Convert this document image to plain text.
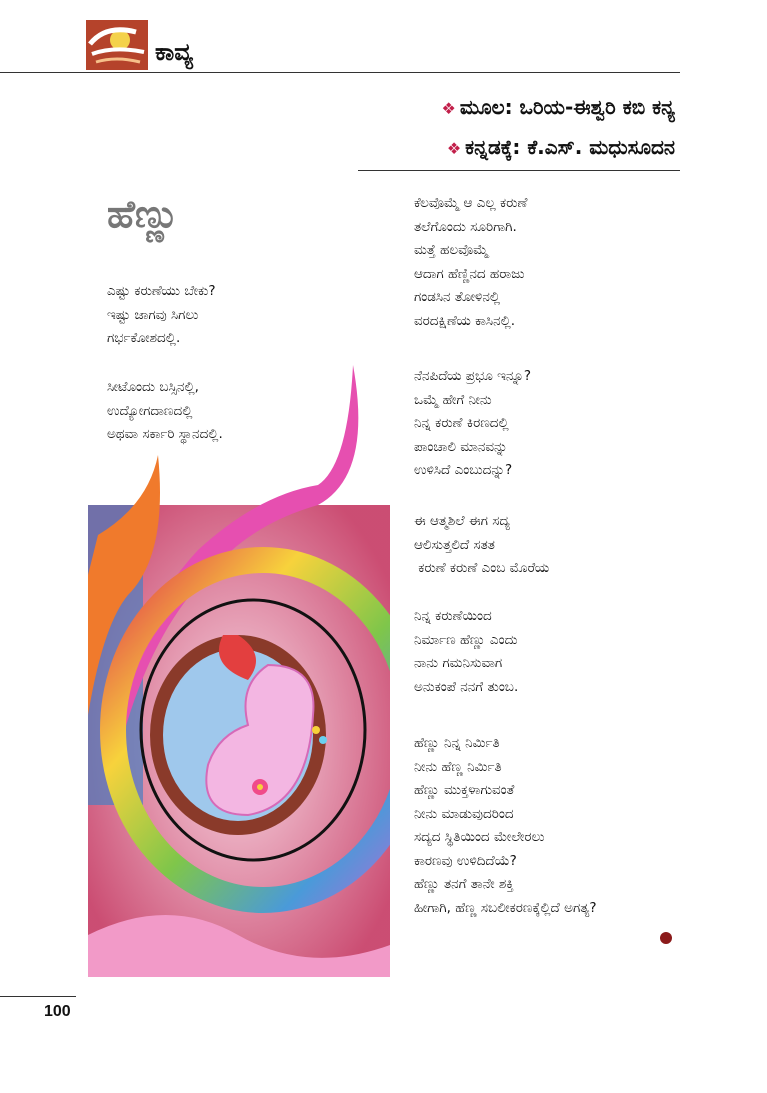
ಕಾವ್ಯ
❖ ಮೂಲ: ಒರಿಯ-ಈಶ್ವರಿ ಕಬಿ ಕನ್ಯ
❖ ಕನ್ನಡಕ್ಕೆ: ಕೆ.ಎಸ್. ಮಧುಸೂದನ
ಹೆಣ್ಣು
ಎಷ್ಟು ಕರುಣೆಯು ಬೇಕು?
ಇಷ್ಟು ಜಾಗವು ಸಿಗಲು
ಗರ್ಭಕೋಶದಲ್ಲಿ.
ಸೀಟೊಂದು ಬಸ್ಸಿನಲ್ಲಿ,
ಉದ್ಯೋಗದಾಣದಲ್ಲಿ
ಅಥವಾ ಸರ್ಕಾರಿ ಸ್ಥಾನದಲ್ಲಿ.
ಕೆಲವೊಮ್ಮೆ ಆ ಎಲ್ಲ ಕರುಣೆ
ತಲೆಗೊಂದು ಸೂರಿಗಾಗಿ.
ಮತ್ತೆ ಹಲವೊಮ್ಮೆ
ಆದಾಗ ಹೆಣ್ಣಿನದ ಹರಾಜು
ಗಂಡಸಿನ ತೋಳಿನಲ್ಲಿ
ವರದಕ್ಷಿಣೆಯ ಕಾಸಿನಲ್ಲಿ.
ನೆನಪಿದೆಯ ಪ್ರಭೂ ಇನ್ನೂ?
ಒಮ್ಮೆ ಹೇಗೆ ನೀನು
ನಿನ್ನ ಕರುಣೆ ಕಿರಣದಲ್ಲಿ
ಪಾಂಚಾಲಿ ಮಾನವನ್ನು
ಉಳಿಸಿದೆ ಎಂಬುದನ್ನು?
ಈ ಆತ್ಮಶಿಲೆ ಈಗ ಸದ್ಯ
ಆಲಿಸುತ್ತಲಿದೆ ಸತತ
ಕರುಣೆ ಕರುಣೆ ಎಂಬ ಮೊರೆಯ
ನಿನ್ನ ಕರುಣೆಯಿಂದ
ನಿರ್ಮಾಣ ಹೆಣ್ಣು ಎಂದು
ನಾನು ಗಮನಿಸುವಾಗ
ಅನುಕಂಪೆ ನನಗೆ ತುಂಬ.
ಹೆಣ್ಣು ನಿನ್ನ ನಿರ್ಮಿತಿ
ನೀನು ಹೆಣ್ಣ ನಿರ್ಮಿತಿ
ಹೆಣ್ಣು ಮುಕ್ತಳಾಗುವಂತೆ
ನೀನು ಮಾಡುವುದರಿಂದ
ಸದ್ಯದ ಸ್ಥಿತಿಯಿಂದ ಮೇಲೇರಲು
ಕಾರಣವು ಉಳಿದಿದೆಯೆ?
ಹೆಣ್ಣು ತನಗೆ ತಾನೇ ಶಕ್ತಿ
ಹೀಗಾಗಿ, ಹೆಣ್ಣ ಸಬಲೀಕರಣಕ್ಕೆಲ್ಲಿದೆ ಅಗತ್ಯ?
100
